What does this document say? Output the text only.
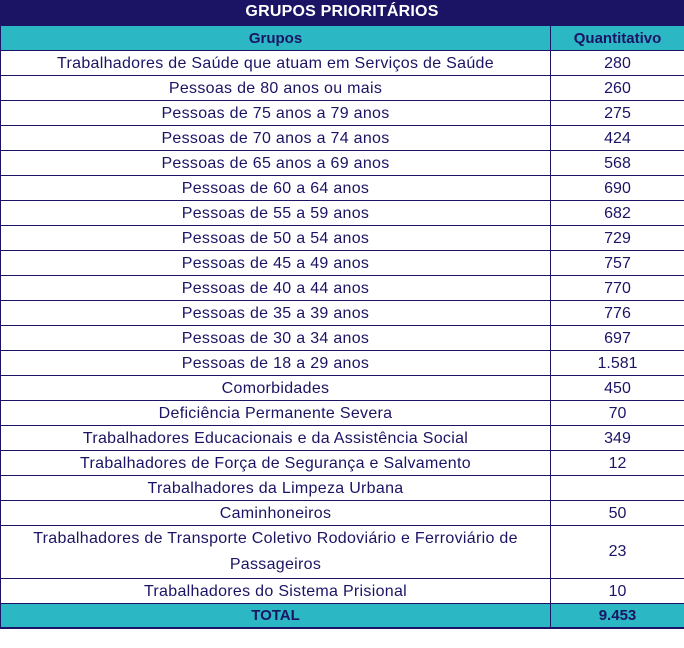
GRUPOS PRIORITÁRIOS
Grupos	Quantitativo
Trabalhadores de Saúde que atuam em Serviços de Saúde	280
Pessoas de 80 anos ou mais	260
Pessoas de 75 anos a 79 anos	275
Pessoas de 70 anos a 74 anos	424
Pessoas de 65 anos a 69 anos	568
Pessoas de 60 a 64 anos	690
Pessoas de 55 a 59 anos	682
Pessoas de 50 a 54 anos	729
Pessoas de 45 a 49 anos	757
Pessoas de 40 a 44 anos	770
Pessoas de 35 a 39 anos	776
Pessoas de 30 a 34 anos	697
Pessoas de 18 a 29 anos	1.581
Comorbidades	450
Deficiência Permanente Severa	70
Trabalhadores Educacionais e da Assistência Social	349
Trabalhadores de Força de Segurança e Salvamento	12
Trabalhadores da Limpeza Urbana	
Caminhoneiros	50
Trabalhadores de Transporte Coletivo Rodoviário e Ferroviário de Passageiros	23
Trabalhadores do Sistema Prisional	10
TOTAL	9.453
